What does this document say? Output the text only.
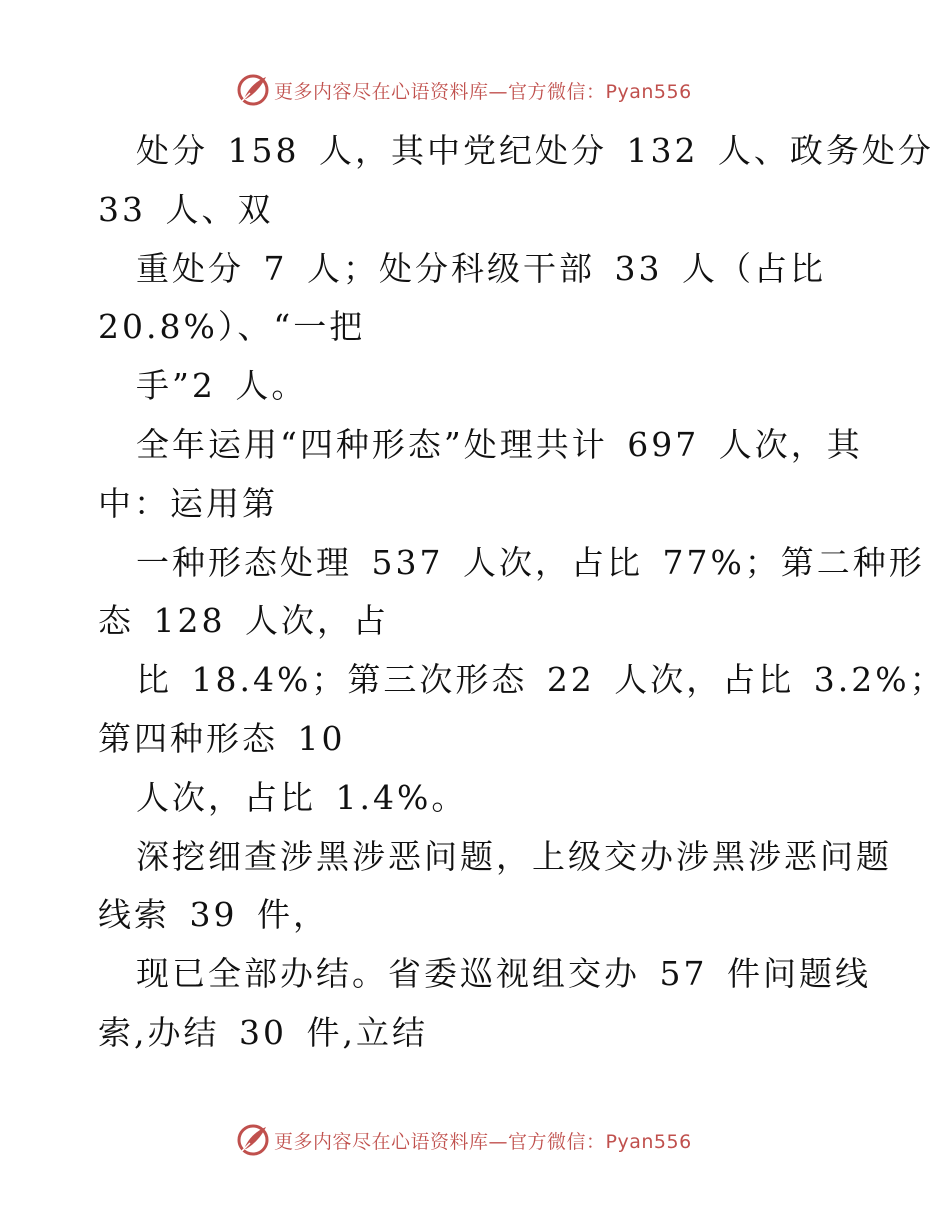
更多内容尽在心语资料库—官方微信：Pyan556
处分 158 人，其中党纪处分 132 人、政务处分
33 人、双
重处分 7 人；处分科级干部 33 人（占比
20.8%）、“一把
手”2 人。
全年运用“四种形态”处理共计 697 人次，其
中：运用第
一种形态处理 537 人次，占比 77%；第二种形
态 128 人次，占
比 18.4%；第三次形态 22 人次，占比 3.2%；
第四种形态 10
人次，占比 1.4%。
深挖细查涉黑涉恶问题，上级交办涉黑涉恶问题
线索 39 件，
现已全部办结。省委巡视组交办 57 件问题线
索,办结 30 件,立结
更多内容尽在心语资料库—官方微信：Pyan556
